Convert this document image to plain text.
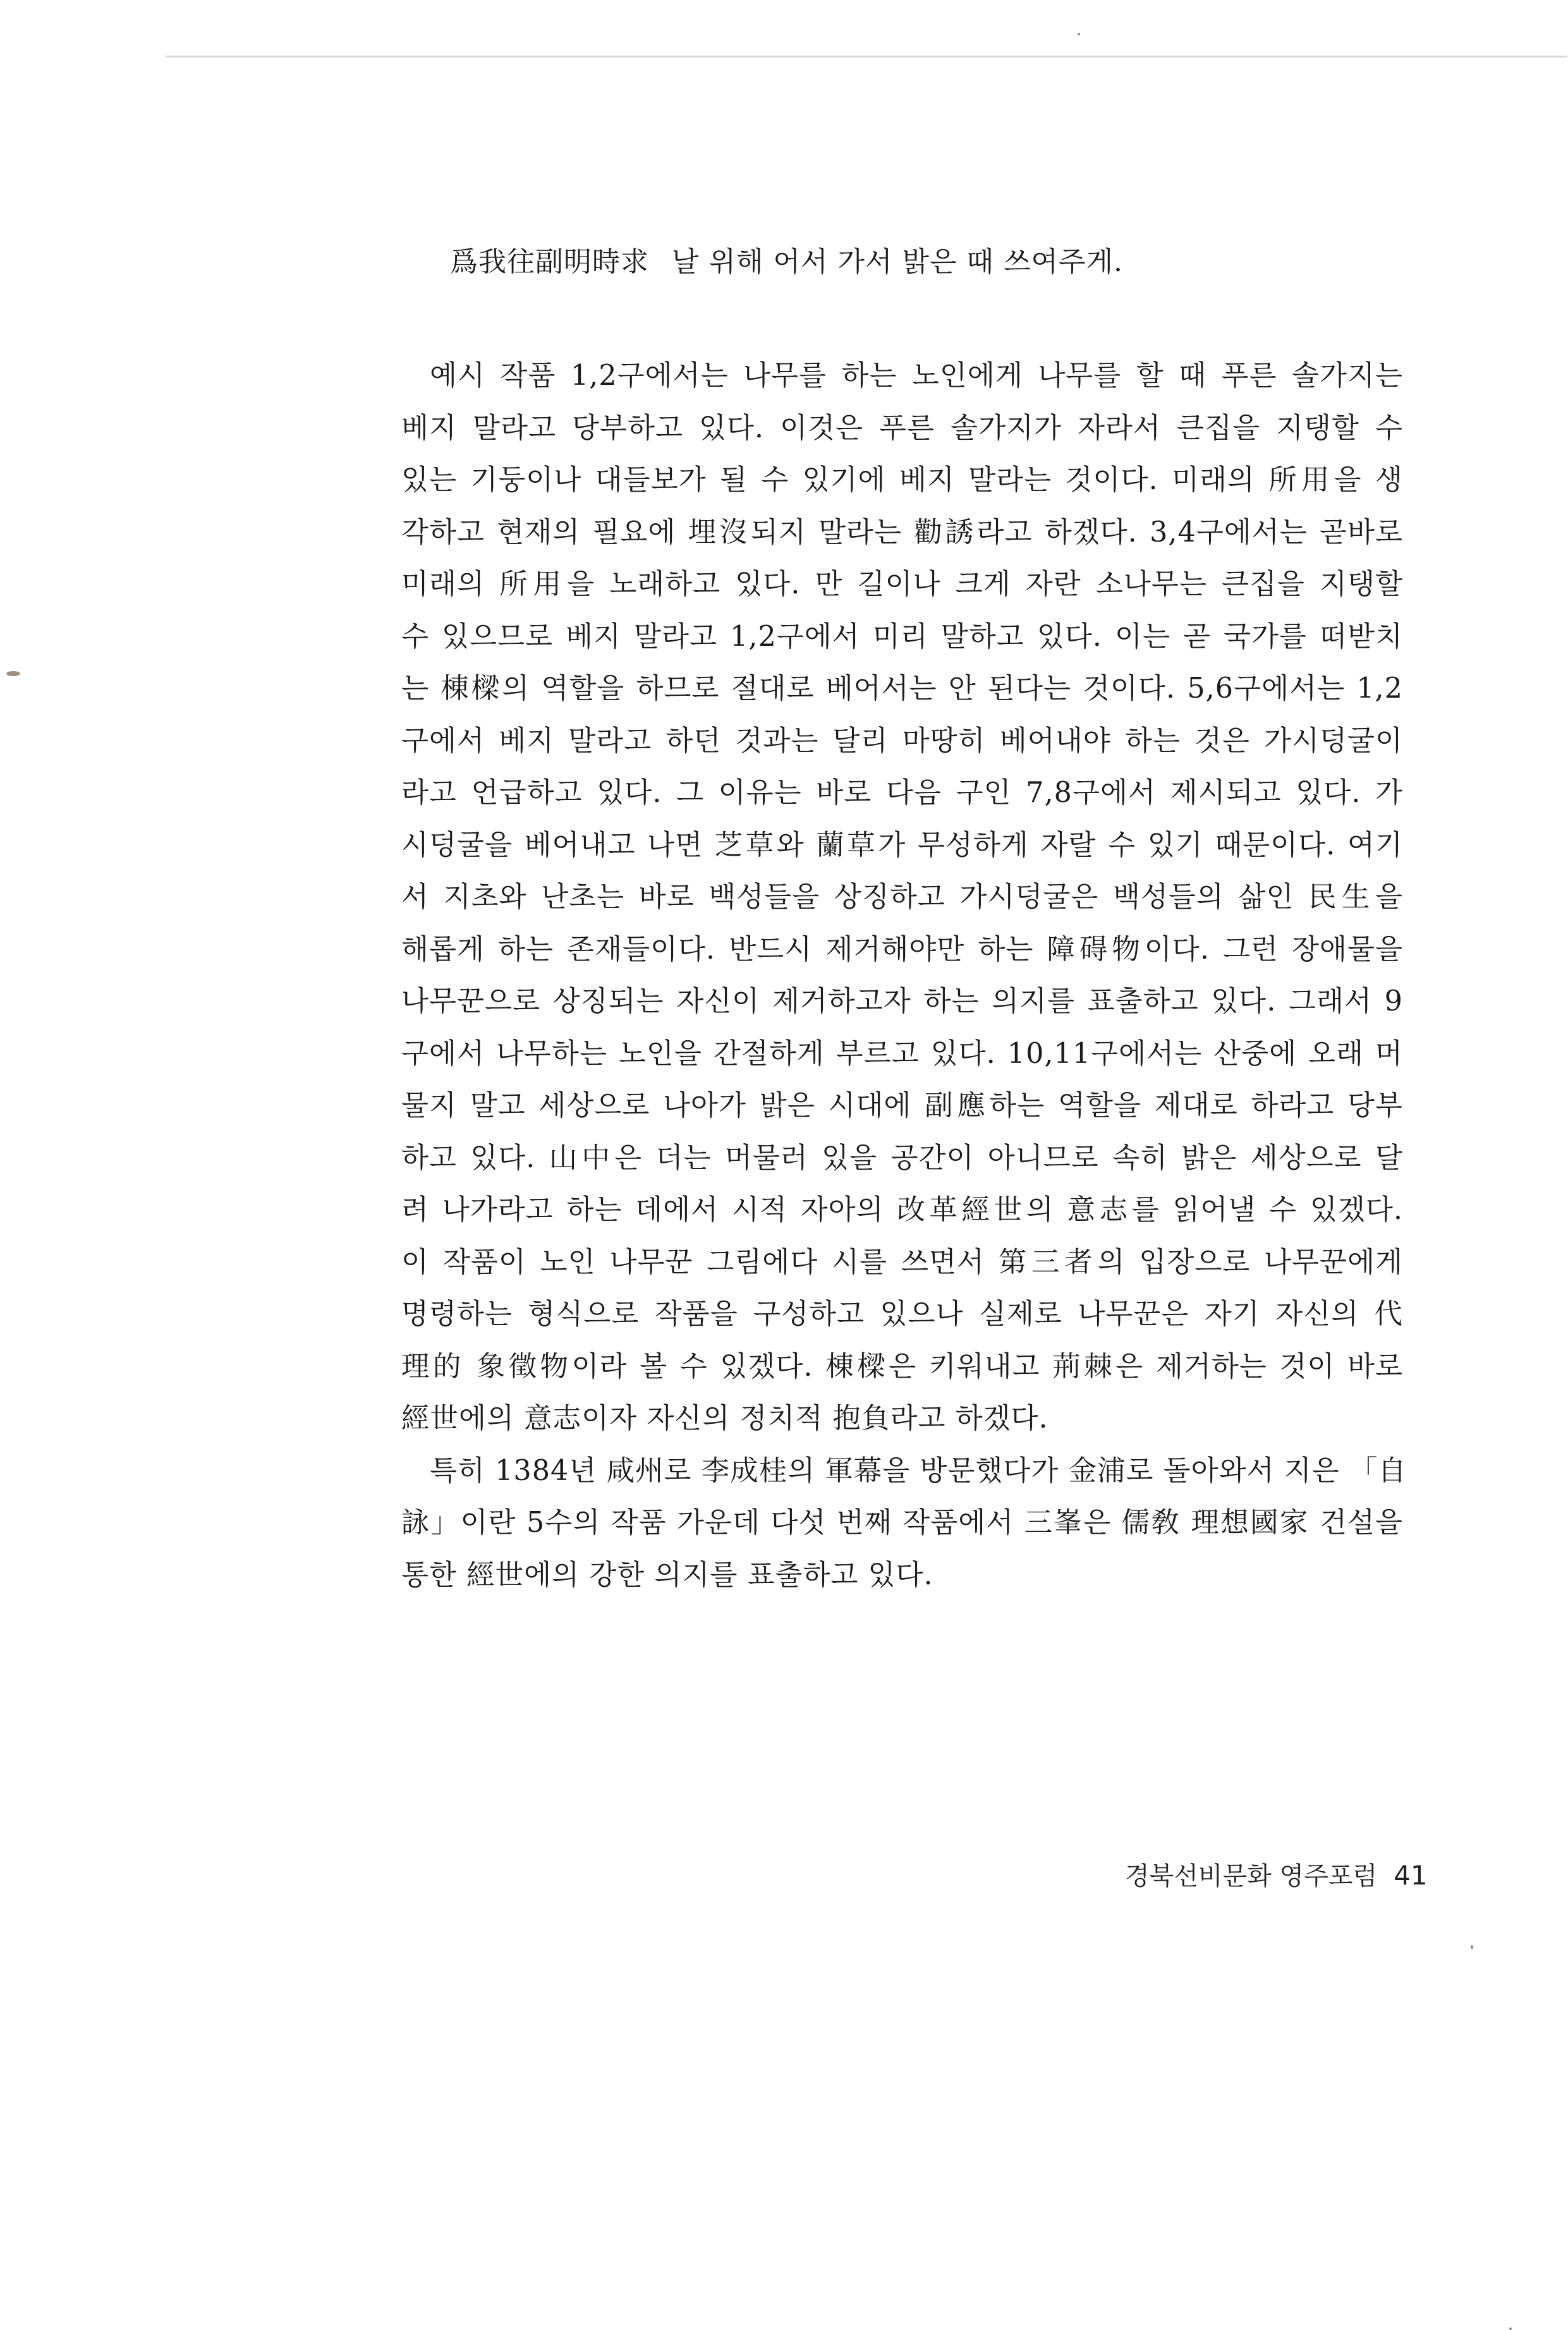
爲我往副明時求 날 위해 어서 가서 밝은 때 쓰여주게.
예시 작품 1,2구에서는 나무를 하는 노인에게 나무를 할 때 푸른 솔가지는
베지 말라고 당부하고 있다. 이것은 푸른 솔가지가 자라서 큰집을 지탱할 수
있는 기둥이나 대들보가 될 수 있기에 베지 말라는 것이다. 미래의 所用을 생
각하고 현재의 필요에 埋沒되지 말라는 勸誘라고 하겠다. 3,4구에서는 곧바로
미래의 所用을 노래하고 있다. 만 길이나 크게 자란 소나무는 큰집을 지탱할
수 있으므로 베지 말라고 1,2구에서 미리 말하고 있다. 이는 곧 국가를 떠받치
는 棟樑의 역할을 하므로 절대로 베어서는 안 된다는 것이다. 5,6구에서는 1,2
구에서 베지 말라고 하던 것과는 달리 마땅히 베어내야 하는 것은 가시덩굴이
라고 언급하고 있다. 그 이유는 바로 다음 구인 7,8구에서 제시되고 있다. 가
시덩굴을 베어내고 나면 芝草와 蘭草가 무성하게 자랄 수 있기 때문이다. 여기
서 지초와 난초는 바로 백성들을 상징하고 가시덩굴은 백성들의 삶인 民生을
해롭게 하는 존재들이다. 반드시 제거해야만 하는 障碍物이다. 그런 장애물을
나무꾼으로 상징되는 자신이 제거하고자 하는 의지를 표출하고 있다. 그래서 9
구에서 나무하는 노인을 간절하게 부르고 있다. 10,11구에서는 산중에 오래 머
물지 말고 세상으로 나아가 밝은 시대에 副應하는 역할을 제대로 하라고 당부
하고 있다. 山中은 더는 머물러 있을 공간이 아니므로 속히 밝은 세상으로 달
려 나가라고 하는 데에서 시적 자아의 改革經世의 意志를 읽어낼 수 있겠다.
이 작품이 노인 나무꾼 그림에다 시를 쓰면서 第三者의 입장으로 나무꾼에게
명령하는 형식으로 작품을 구성하고 있으나 실제로 나무꾼은 자기 자신의 代
理的 象徵物이라 볼 수 있겠다. 棟樑은 키워내고 荊棘은 제거하는 것이 바로
經世에의 意志이자 자신의 정치적 抱負라고 하겠다.
특히 1384년 咸州로 李成桂의 軍幕을 방문했다가 金浦로 돌아와서 지은 「自
詠」이란 5수의 작품 가운데 다섯 번째 작품에서 三峯은 儒敎 理想國家 건설을
통한 經世에의 강한 의지를 표출하고 있다.
경북선비문화 영주포럼 41
